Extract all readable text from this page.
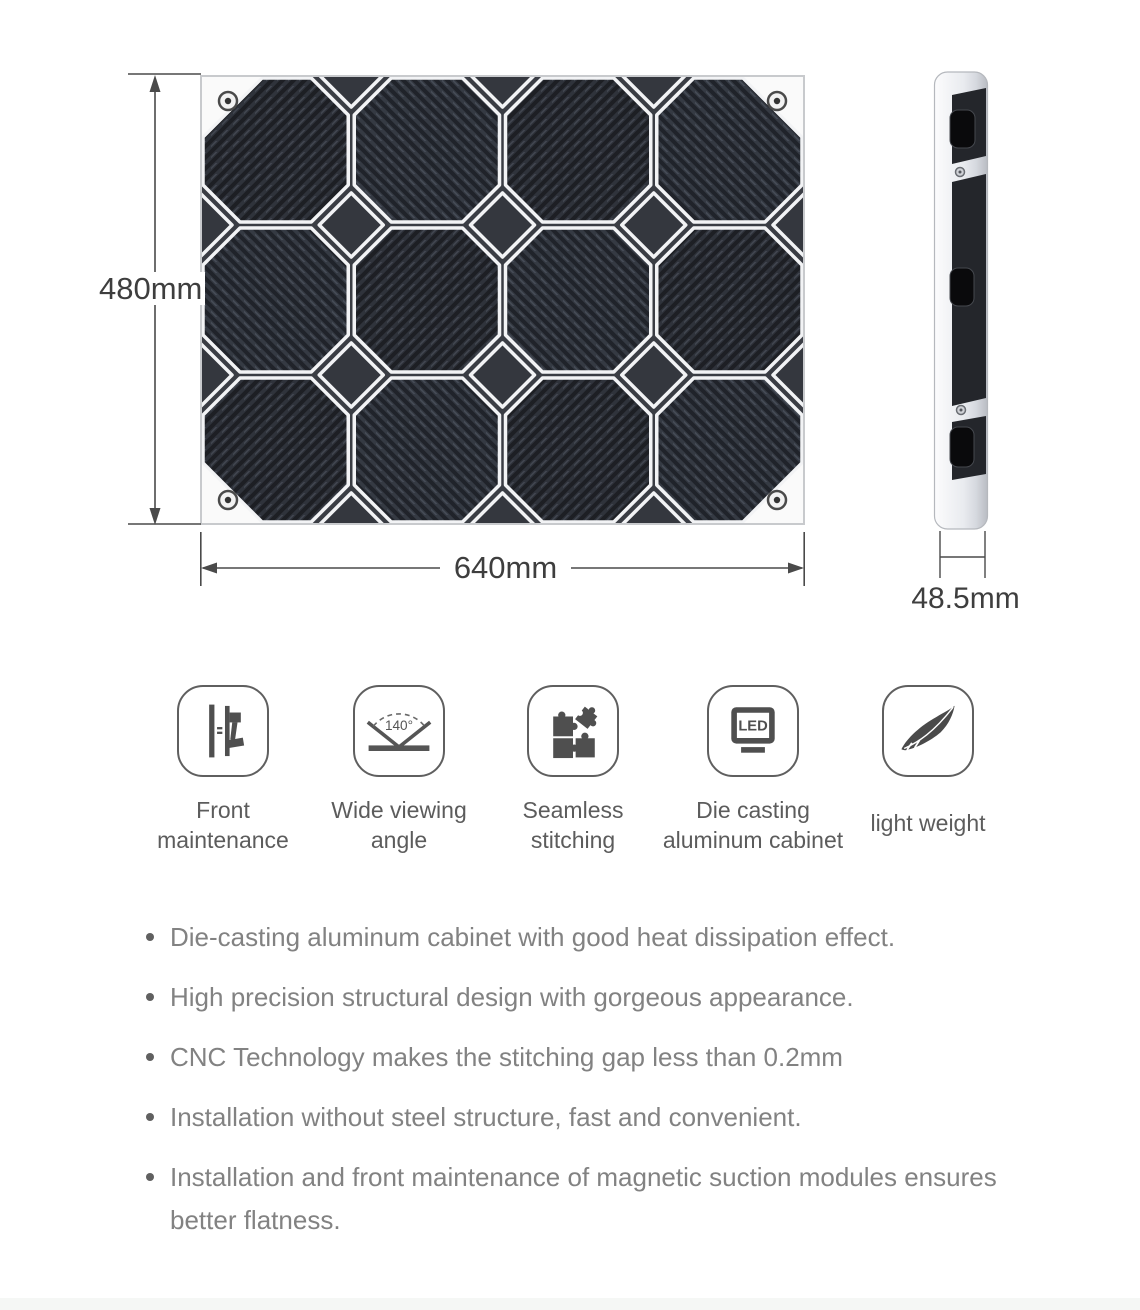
480mm
640mm
48.5mm
Front maintenance
140°
Wide viewing angle
Seamless stitching
LED
Die casting aluminum cabinet
light weight
Die-casting aluminum cabinet with good heat dissipation effect.
High precision structural design with gorgeous appearance.
CNC Technology makes the stitching gap less than 0.2mm
Installation without steel structure, fast and convenient.
Installation and front maintenance of magnetic suction modules ensures better flatness.
